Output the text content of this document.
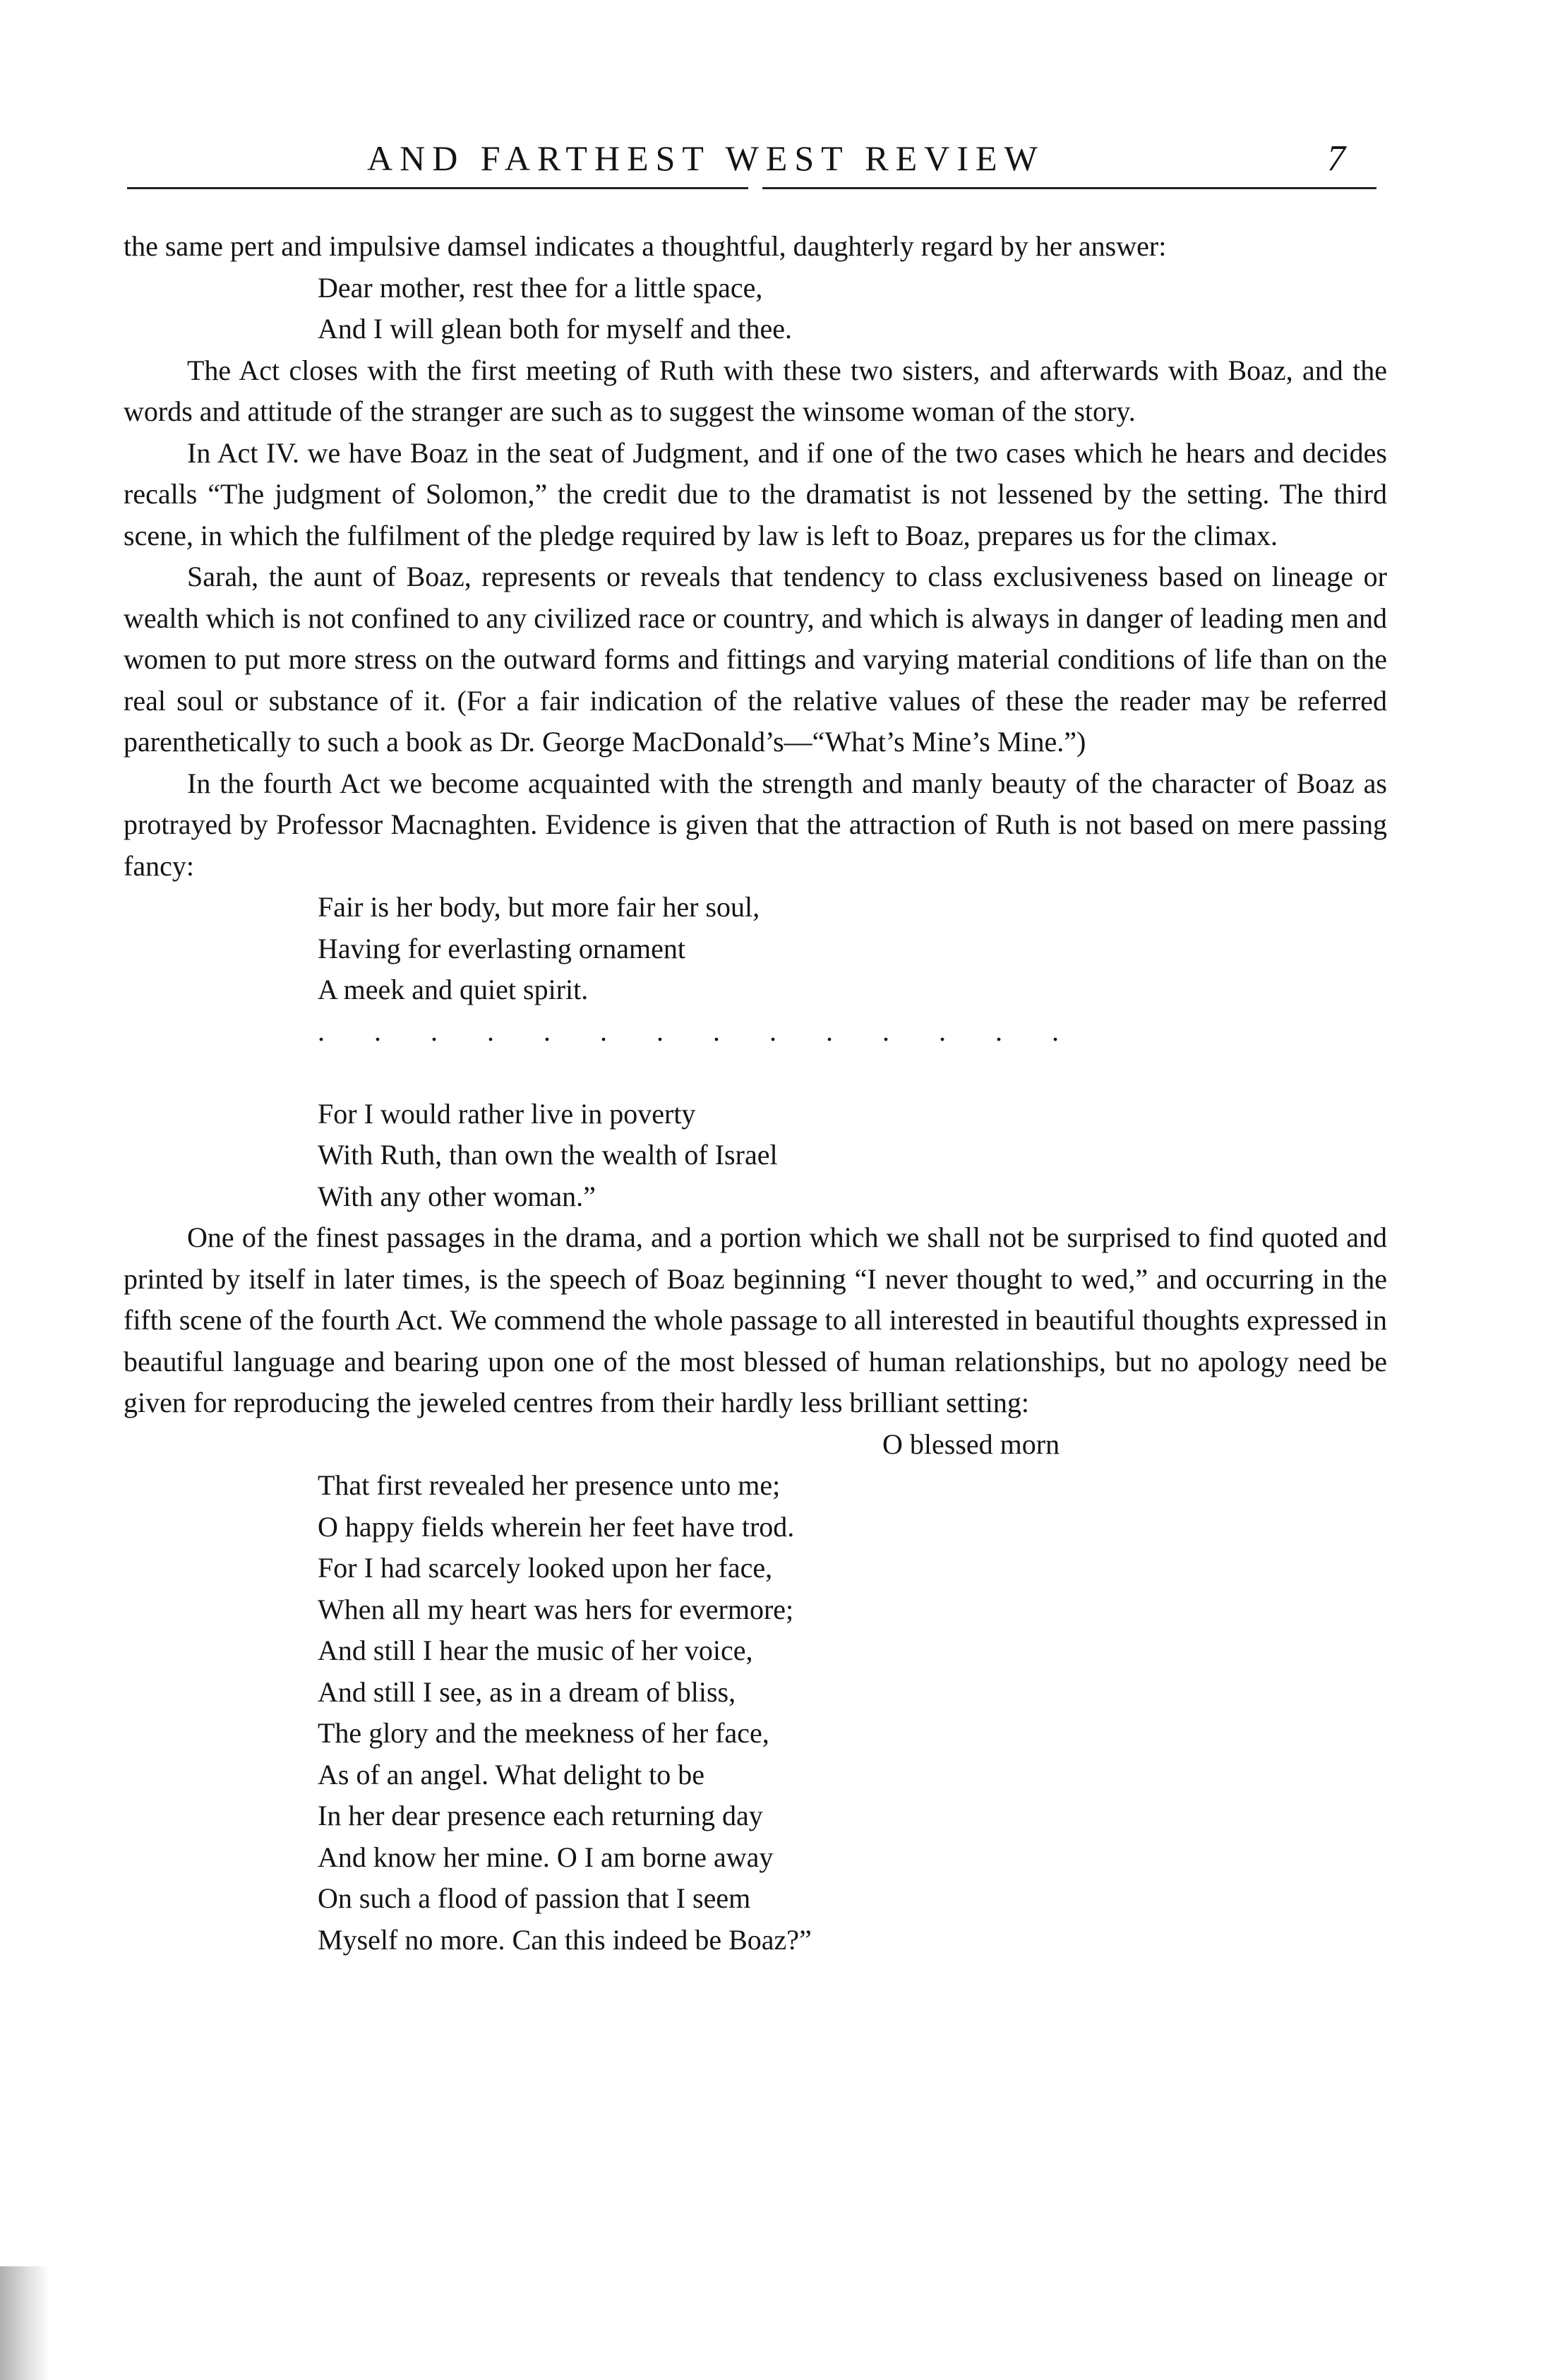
AND FARTHEST WEST REVIEW	7

the same pert and impulsive damsel indicates a thoughtful, daughterly regard by her answer:

Dear mother, rest thee for a little space,

And I will glean both for myself and thee.

The Act closes with the first meeting of Ruth with these two sisters, and afterwards with Boaz, and the words and attitude of the stranger are such as to suggest the winsome woman of the story.

In Act IV. we have Boaz in the seat of Judgment, and if one of the two cases which he hears and decides recalls “The judgment of Solomon,” the credit due to the dramatist is not lessened by the setting. The third scene, in which the fulfilment of the pledge required by law is left to Boaz, prepares us for the climax.

Sarah, the aunt of Boaz, represents or reveals that tendency to class exclusiveness based on lineage or wealth which is not confined to any civilized race or country, and which is always in danger of leading men and women to put more stress on the outward forms and fittings and varying material conditions of life than on the real soul or substance of it. (For a fair indication of the relative values of these the reader may be referred parenthetically to such a book as Dr. George MacDonald’s—“What’s Mine’s Mine.”)

In the fourth Act we become acquainted with the strength and manly beauty of the character of Boaz as protrayed by Professor Macnaghten. Evidence is given that the attraction of Ruth is not based on mere passing fancy:

Fair is her body, but more fair her soul,

Having for everlasting ornament

A meek and quiet spirit.

. . . . . . . . . . . . . .

For I would rather live in poverty

With Ruth, than own the wealth of Israel

With any other woman.”

One of the finest passages in the drama, and a portion which we shall not be surprised to find quoted and printed by itself in later times, is the speech of Boaz beginning “I never thought to wed,” and occurring in the fifth scene of the fourth Act. We commend the whole passage to all interested in beautiful thoughts expressed in beautiful language and bearing upon one of the most blessed of human relationships, but no apology need be given for reproducing the jeweled centres from their hardly less brilliant setting:

O blessed morn

That first revealed her presence unto me;

O happy fields wherein her feet have trod.

For I had scarcely looked upon her face,

When all my heart was hers for evermore;

And still I hear the music of her voice,

And still I see, as in a dream of bliss,

The glory and the meekness of her face,

As of an angel. What delight to be

In her dear presence each returning day

And know her mine. O I am borne away

On such a flood of passion that I seem

Myself no more. Can this indeed be Boaz?”
